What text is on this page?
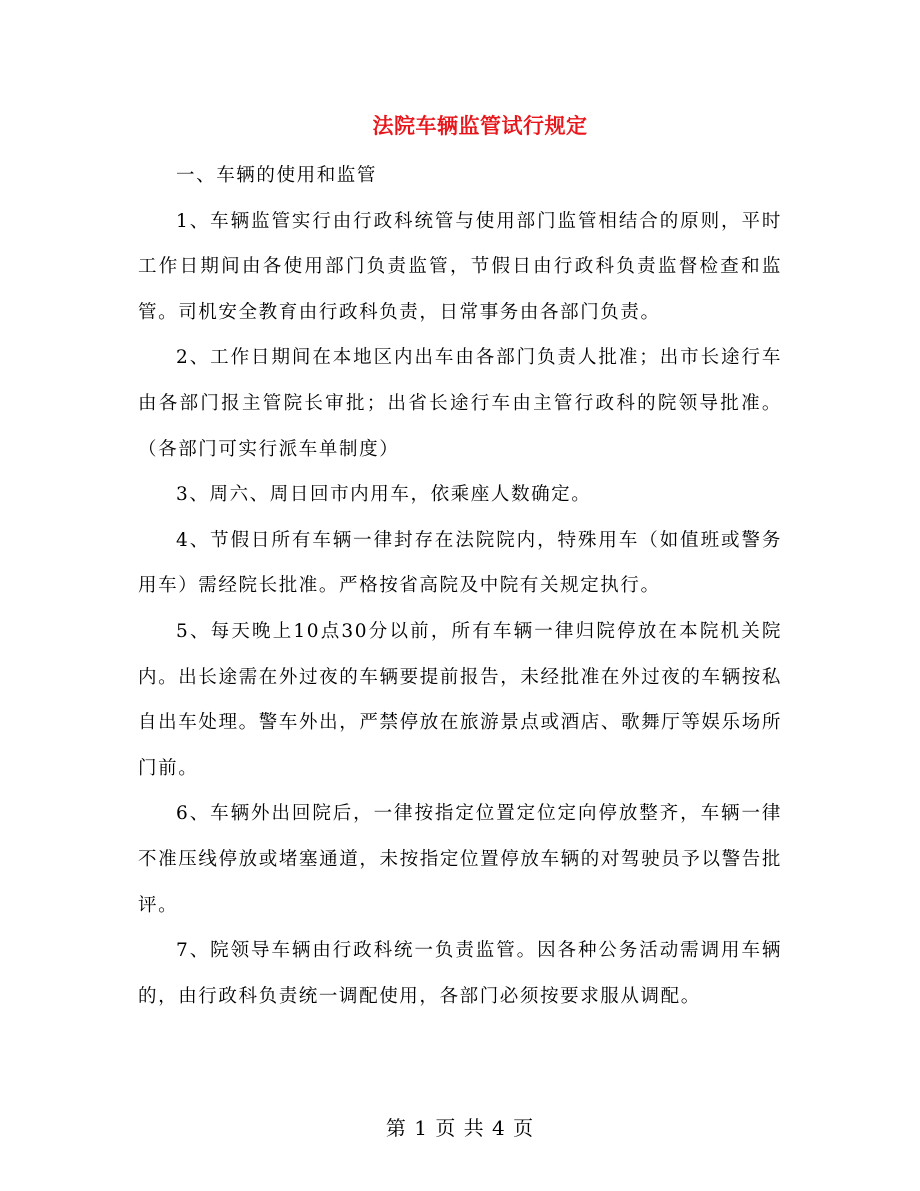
法院车辆监管试行规定

一、车辆的使用和监管

1、车辆监管实行由行政科统管与使用部门监管相结合的原则，平时工作日期间由各使用部门负责监管，节假日由行政科负责监督检查和监管。司机安全教育由行政科负责，日常事务由各部门负责。

2、工作日期间在本地区内出车由各部门负责人批准；出市长途行车由各部门报主管院长审批；出省长途行车由主管行政科的院领导批准。（各部门可实行派车单制度）

3、周六、周日回市内用车，依乘座人数确定。

4、节假日所有车辆一律封存在法院院内，特殊用车（如值班或警务用车）需经院长批准。严格按省高院及中院有关规定执行。

5、每天晚上10点30分以前，所有车辆一律归院停放在本院机关院内。出长途需在外过夜的车辆要提前报告，未经批准在外过夜的车辆按私自出车处理。警车外出，严禁停放在旅游景点或酒店、歌舞厅等娱乐场所门前。

6、车辆外出回院后，一律按指定位置定位定向停放整齐，车辆一律不准压线停放或堵塞通道，未按指定位置停放车辆的对驾驶员予以警告批评。

7、院领导车辆由行政科统一负责监管。因各种公务活动需调用车辆的，由行政科负责统一调配使用，各部门必须按要求服从调配。

第 1 页 共 4 页
